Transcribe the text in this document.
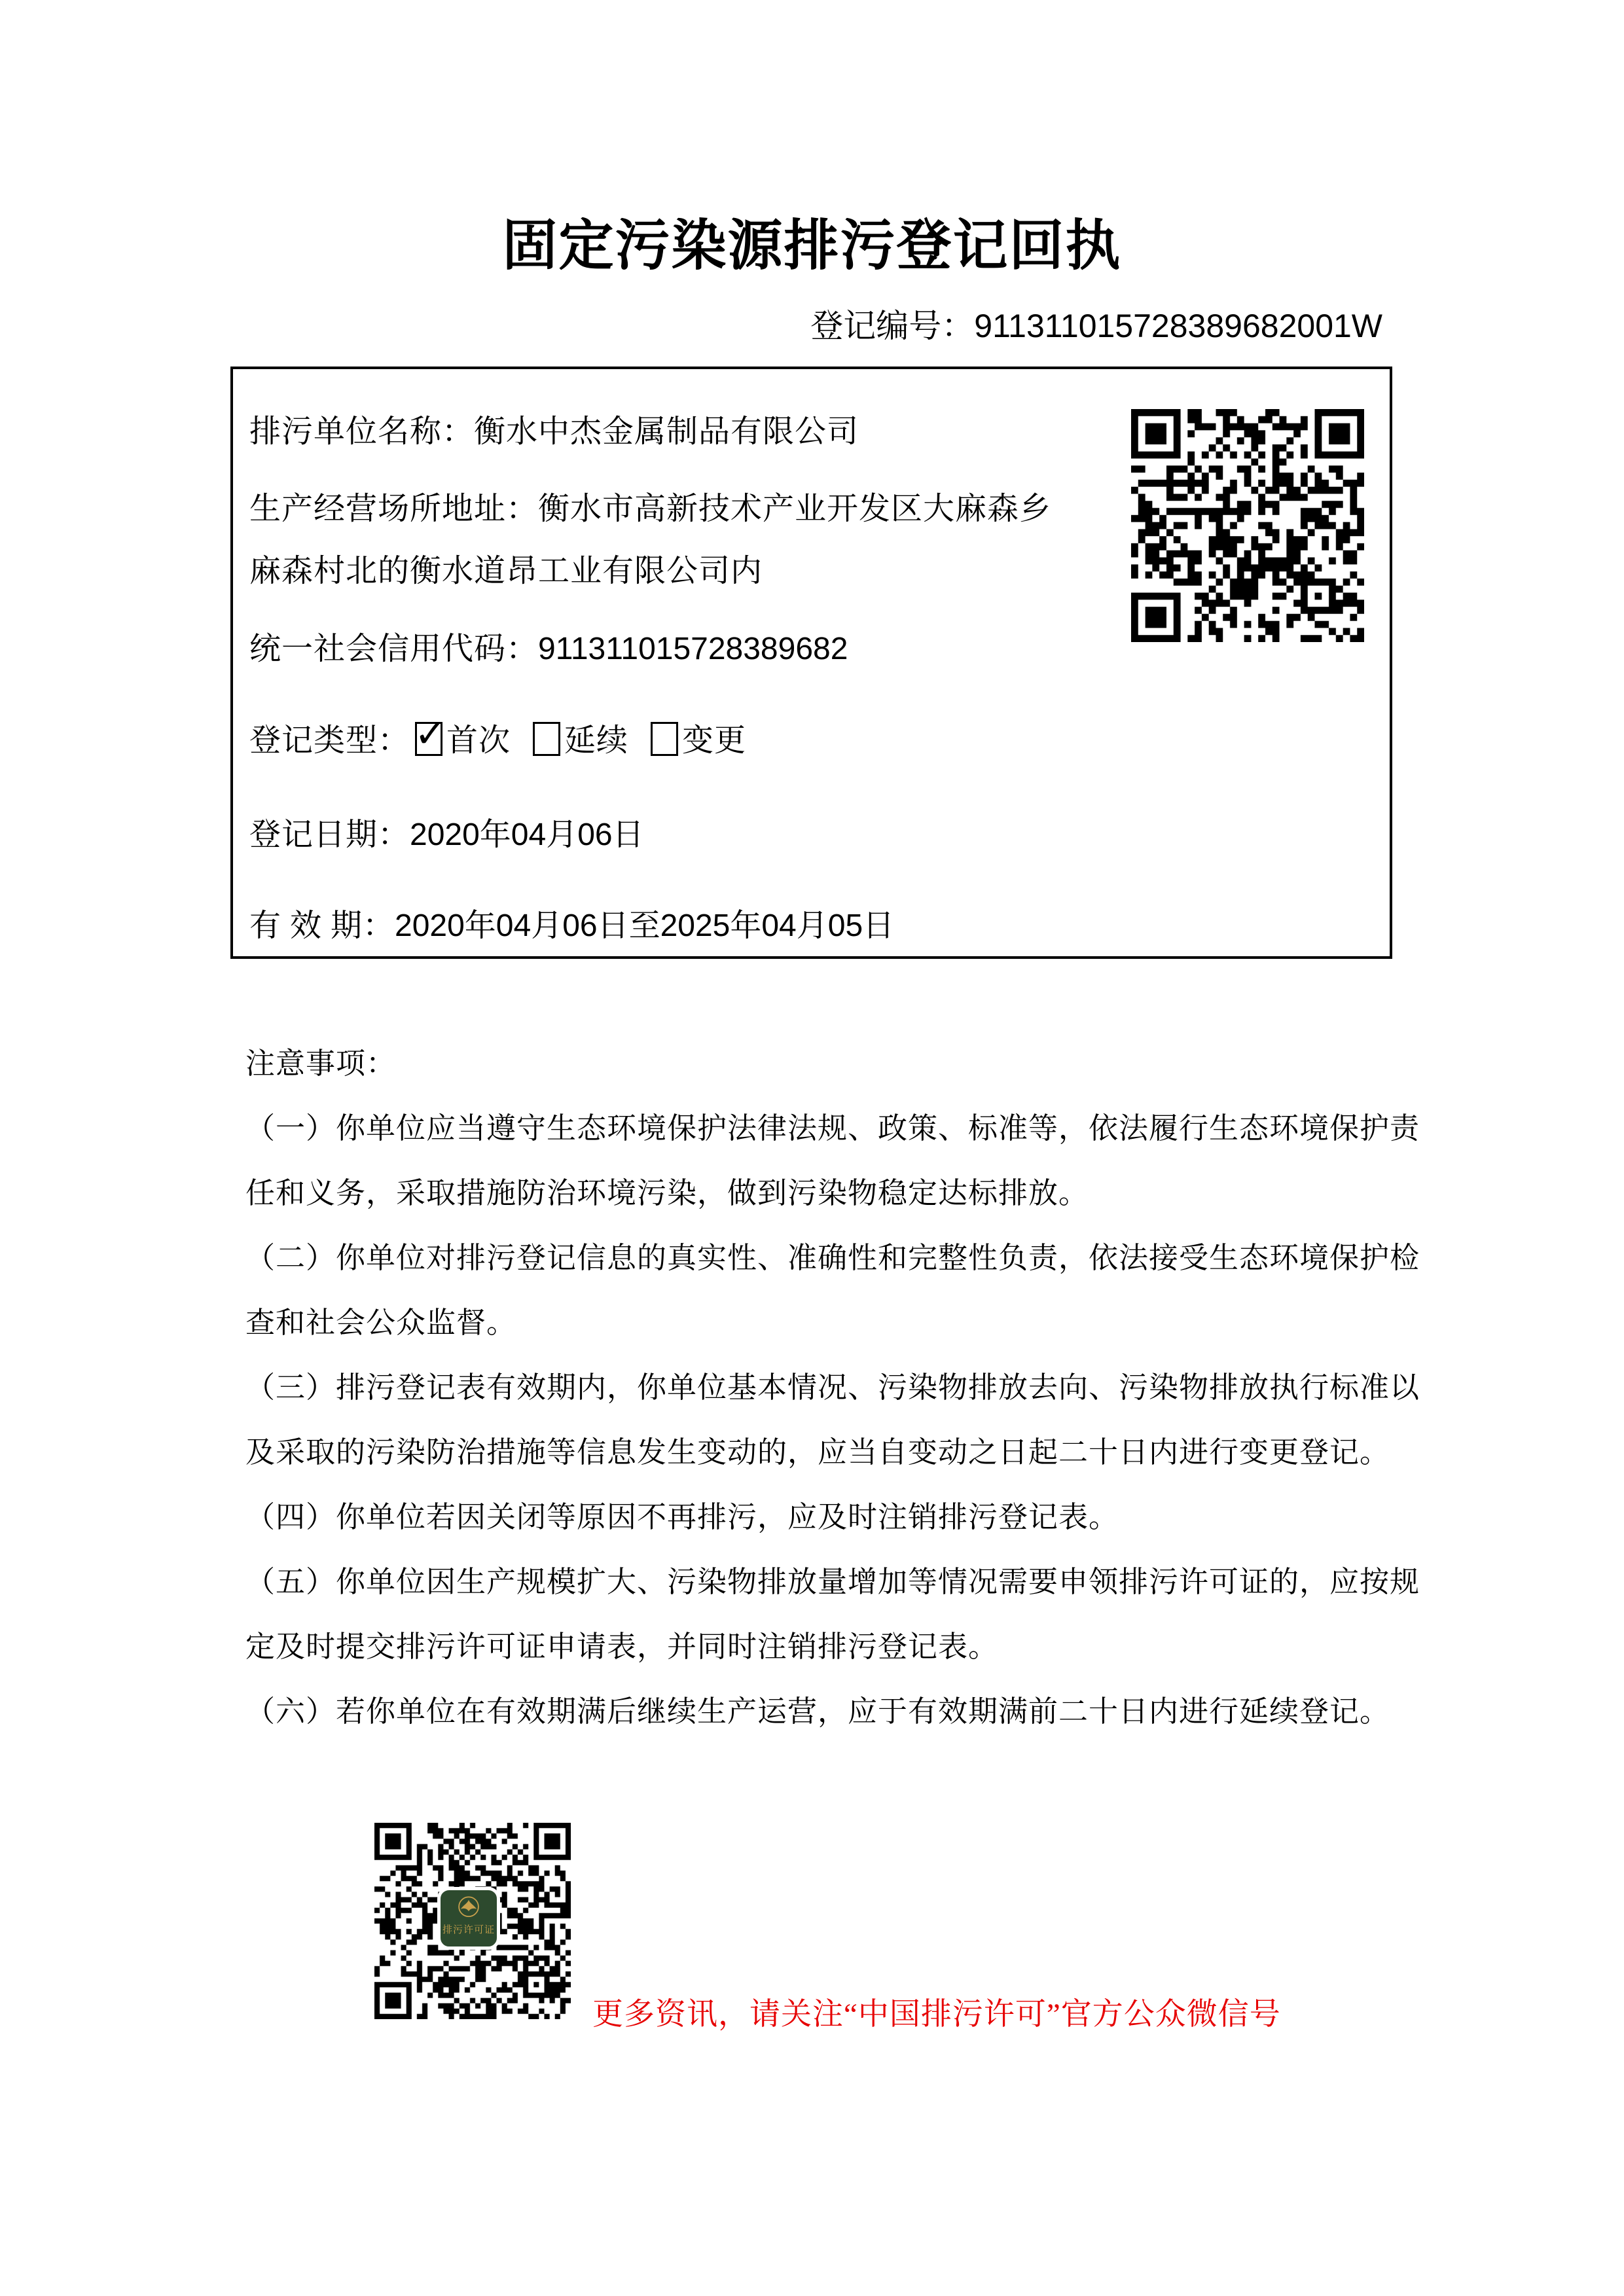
固定污染源排污登记回执
登记编号：911311015728389682001W
排污单位名称：衡水中杰金属制品有限公司
生产经营场所地址：衡水市高新技术产业开发区大麻森乡
麻森村北的衡水道昂工业有限公司内
统一社会信用代码：911311015728389682
登记类型： ✓ 首次 延续 变更
登记日期：2020年04月06日
有 效 期：2020年04月06日至2025年04月05日
注意事项：
（一）你单位应当遵守生态环境保护法律法规、政策、标准等，依法履行生态环境保护责
任和义务，采取措施防治环境污染，做到污染物稳定达标排放。
（二）你单位对排污登记信息的真实性、准确性和完整性负责，依法接受生态环境保护检
查和社会公众监督。
（三）排污登记表有效期内，你单位基本情况、污染物排放去向、污染物排放执行标准以
及采取的污染防治措施等信息发生变动的，应当自变动之日起二十日内进行变更登记。
（四）你单位若因关闭等原因不再排污，应及时注销排污登记表。
（五）你单位因生产规模扩大、污染物排放量增加等情况需要申领排污许可证的，应按规
定及时提交排污许可证申请表，并同时注销排污登记表。
（六）若你单位在有效期满后继续生产运营，应于有效期满前二十日内进行延续登记。
排污许可证
更多资讯，请关注“中国排污许可”官方公众微信号
